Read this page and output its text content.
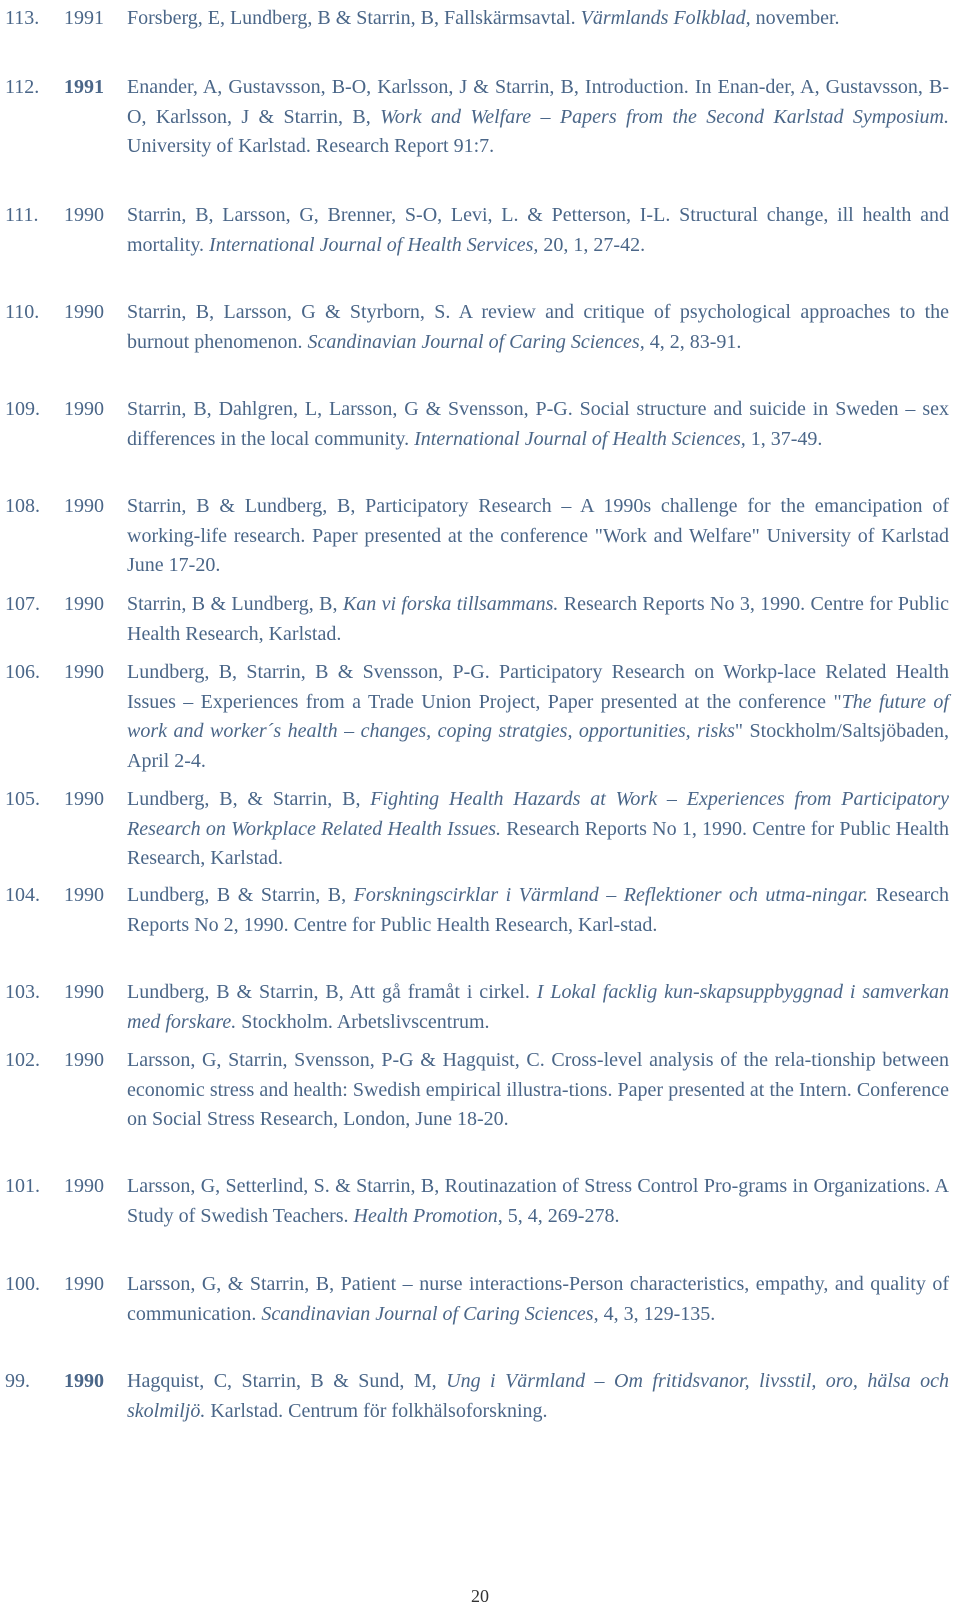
113. 1991 Forsberg, E, Lundberg, B & Starrin, B, Fallskärmsavtal. Värmlands Folkblad, november.
112. 1991 Enander, A, Gustavsson, B-O, Karlsson, J & Starrin, B, Introduction. In Enan-der, A, Gustavsson, B-O, Karlsson, J & Starrin, B, Work and Welfare – Papers from the Second Karlstad Symposium. University of Karlstad. Research Report 91:7.
111. 1990 Starrin, B, Larsson, G, Brenner, S-O, Levi, L. & Petterson, I-L. Structural change, ill health and mortality. International Journal of Health Services, 20, 1, 27-42.
110. 1990 Starrin, B, Larsson, G & Styrborn, S. A review and critique of psychological approaches to the burnout phenomenon. Scandinavian Journal of Caring Sciences, 4, 2, 83-91.
109. 1990 Starrin, B, Dahlgren, L, Larsson, G & Svensson, P-G. Social structure and suicide in Sweden – sex differences in the local community. International Journal of Health Sciences, 1, 37-49.
108. 1990 Starrin, B & Lundberg, B, Participatory Research – A 1990s challenge for the emancipation of working-life research. Paper presented at the conference "Work and Welfare" University of Karlstad June 17-20.
107. 1990 Starrin, B & Lundberg, B, Kan vi forska tillsammans. Research Reports No 3, 1990. Centre for Public Health Research, Karlstad.
106. 1990 Lundberg, B, Starrin, B & Svensson, P-G. Participatory Research on Workp-lace Related Health Issues – Experiences from a Trade Union Project, Paper presented at the conference "The future of work and worker´s health – changes, coping stratgies, opportunities, risks" Stockholm/Saltsjöbaden, April 2-4.
105. 1990 Lundberg, B, & Starrin, B, Fighting Health Hazards at Work – Experiences from Participatory Research on Workplace Related Health Issues. Research Reports No 1, 1990. Centre for Public Health Research, Karlstad.
104. 1990 Lundberg, B & Starrin, B, Forskningscirklar i Värmland – Reflektioner och utma-ningar. Research Reports No 2, 1990. Centre for Public Health Research, Karl-stad.
103. 1990 Lundberg, B & Starrin, B, Att gå framåt i cirkel. I Lokal facklig kun-skapsuppbyggnad i samverkan med forskare. Stockholm. Arbetslivscentrum.
102. 1990 Larsson, G, Starrin, Svensson, P-G & Hagquist, C. Cross-level analysis of the rela-tionship between economic stress and health: Swedish empirical illustra-tions. Paper presented at the Intern. Conference on Social Stress Research, London, June 18-20.
101. 1990 Larsson, G, Setterlind, S. & Starrin, B, Routinazation of Stress Control Pro-grams in Organizations. A Study of Swedish Teachers. Health Promotion, 5, 4, 269-278.
100. 1990 Larsson, G, & Starrin, B, Patient – nurse interactions-Person characteristics, empathy, and quality of communication. Scandinavian Journal of Caring Sciences, 4, 3, 129-135.
99. 1990 Hagquist, C, Starrin, B & Sund, M, Ung i Värmland – Om fritidsvanor, livsstil, oro, hälsa och skolmiljö. Karlstad. Centrum för folkhälsoforskning.
20
